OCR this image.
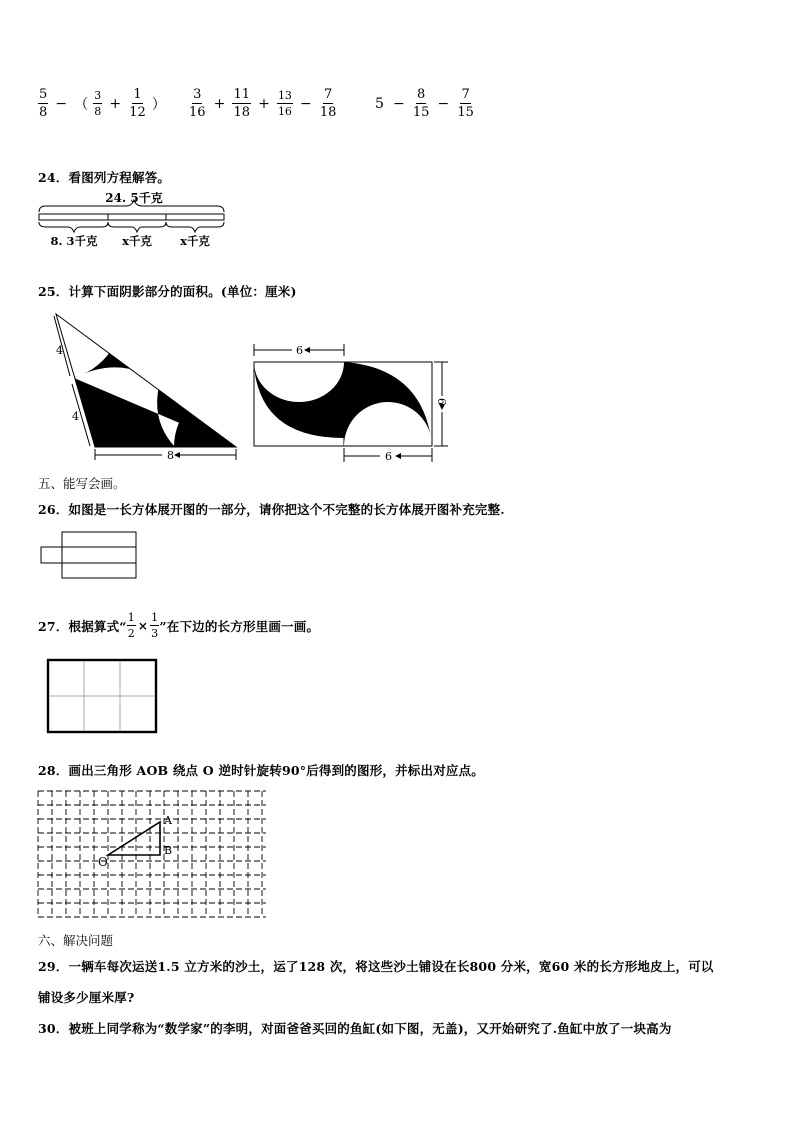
$\frac{5}{8}$ − （ $\frac{3}{8} + \frac{1}{12}$ ） $\frac{3}{16} + \frac{11}{18} + \frac{13}{16} - \frac{7}{18}$	$5 - \frac{8}{15} - \frac{7}{15}$
24．看图列方程解答。
24. 5千克
8. 3千克 x千克 x千克
25．计算下面阴影部分的面积。(单位：厘米)
4
4
8
6
6
6
五、能写会画。
26．如图是一长方体展开图的一部分，请你把这个不完整的长方体展开图补充完整.
27．根据算式“ $\frac{1}{2} \times \frac{1}{3}$ ”在下边的长方形里画一画。
28．画出三角形 AOB 绕点 O 逆时针旋转90°后得到的图形，并标出对应点。
A
B
O
六、解决问题
29．一辆车每次运送1.5 立方米的沙土，运了128 次，将这些沙土铺设在长800 分米，宽60 米的长方形地皮上，可以
铺设多少厘米厚?
30．被班上同学称为“数学家”的李明，对面爸爸买回的鱼缸(如下图，无盖)，又开始研究了.鱼缸中放了一块高为
